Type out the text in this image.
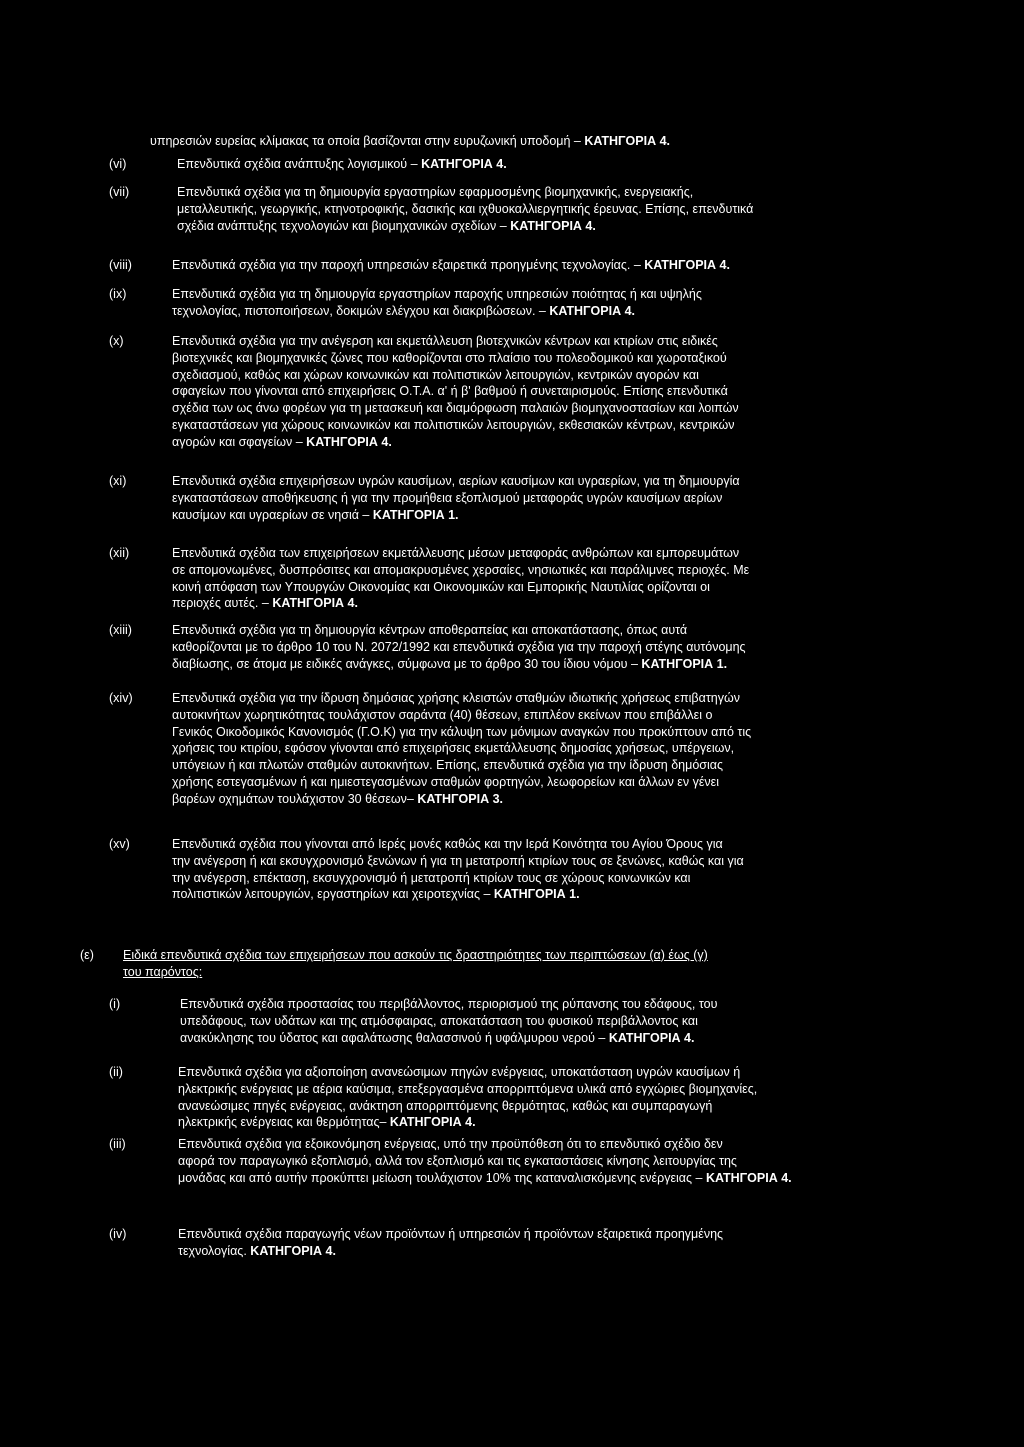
υπηρεσιών ευρείας κλίμακας τα οποία βασίζονται στην ευρυζωνική υποδομή – ΚΑΤΗΓΟΡΙΑ 4.
(vi)	Επενδυτικά σχέδια ανάπτυξης λογισμικού – ΚΑΤΗΓΟΡΙΑ 4.
(vii)	Επενδυτικά σχέδια για τη δημιουργία εργαστηρίων εφαρμοσμένης βιομηχανικής, ενεργειακής,
μεταλλευτικής, γεωργικής, κτηνοτροφικής, δασικής και ιχθυοκαλλιεργητικής έρευνας. Επίσης, επενδυτικά
σχέδια ανάπτυξης τεχνολογιών και βιομηχανικών σχεδίων – ΚΑΤΗΓΟΡΙΑ 4.
(viii)	Επενδυτικά σχέδια για την παροχή υπηρεσιών εξαιρετικά προηγμένης τεχνολογίας. – ΚΑΤΗΓΟΡΙΑ 4.
(ix)	Επενδυτικά σχέδια για τη δημιουργία εργαστηρίων παροχής υπηρεσιών ποιότητας ή και υψηλής
τεχνολογίας, πιστοποιήσεων, δοκιμών ελέγχου και διακριβώσεων. – ΚΑΤΗΓΟΡΙΑ 4.
(x)	Επενδυτικά σχέδια για την ανέγερση και εκμετάλλευση βιοτεχνικών κέντρων και κτιρίων στις ειδικές
βιοτεχνικές και βιομηχανικές ζώνες που καθορίζονται στο πλαίσιο του πολεοδομικού και χωροταξικού
σχεδιασμού, καθώς και χώρων κοινωνικών και πολιτιστικών λειτουργιών, κεντρικών αγορών και
σφαγείων που γίνονται από επιχειρήσεις Ο.Τ.Α. α' ή β' βαθμού ή συνεταιρισμούς. Επίσης επενδυτικά
σχέδια των ως άνω φορέων για τη μετασκευή και διαμόρφωση παλαιών βιομηχανοστασίων και λοιπών
εγκαταστάσεων για χώρους κοινωνικών και πολιτιστικών λειτουργιών, εκθεσιακών κέντρων, κεντρικών
αγορών και σφαγείων – ΚΑΤΗΓΟΡΙΑ 4.
(xi)	Επενδυτικά σχέδια επιχειρήσεων υγρών καυσίμων, αερίων καυσίμων και υγραερίων, για τη δημιουργία
εγκαταστάσεων αποθήκευσης ή για την προμήθεια εξοπλισμού μεταφοράς υγρών καυσίμων αερίων
καυσίμων και υγραερίων σε νησιά – ΚΑΤΗΓΟΡΙΑ 1.
(xii)	Επενδυτικά σχέδια των επιχειρήσεων εκμετάλλευσης μέσων μεταφοράς ανθρώπων και εμπορευμάτων
σε απομονωμένες, δυσπρόσιτες και απομακρυσμένες χερσαίες, νησιωτικές και παράλιμνες περιοχές. Με
κοινή απόφαση των Υπουργών Οικονομίας και Οικονομικών και Εμπορικής Ναυτιλίας ορίζονται οι
περιοχές αυτές. – ΚΑΤΗΓΟΡΙΑ 4.
(xiii)	Επενδυτικά σχέδια για τη δημιουργία κέντρων αποθεραπείας και αποκατάστασης, όπως αυτά
καθορίζονται με το άρθρο 10 του Ν. 2072/1992 και επενδυτικά σχέδια για την παροχή στέγης αυτόνομης
διαβίωσης, σε άτομα με ειδικές ανάγκες, σύμφωνα με το άρθρο 30 του ίδιου νόμου – ΚΑΤΗΓΟΡΙΑ 1.
(xiv)	Επενδυτικά σχέδια για την ίδρυση δημόσιας χρήσης κλειστών σταθμών ιδιωτικής χρήσεως επιβατηγών
αυτοκινήτων χωρητικότητας τουλάχιστον σαράντα (40) θέσεων, επιπλέον εκείνων που επιβάλλει ο
Γενικός Οικοδομικός Κανονισμός (Γ.Ο.Κ) για την κάλυψη των μόνιμων αναγκών που προκύπτουν από τις
χρήσεις του κτιρίου, εφόσον γίνονται από επιχειρήσεις εκμετάλλευσης δημοσίας χρήσεως, υπέργειων,
υπόγειων ή και πλωτών σταθμών αυτοκινήτων. Επίσης, επενδυτικά σχέδια για την ίδρυση δημόσιας
χρήσης εστεγασμένων ή και ημιεστεγασμένων σταθμών φορτηγών, λεωφορείων και άλλων εν γένει
βαρέων οχημάτων τουλάχιστον 30 θέσεων– ΚΑΤΗΓΟΡΙΑ 3.
(xv)	Επενδυτικά σχέδια που γίνονται από Ιερές μονές καθώς και την Ιερά Κοινότητα του Αγίου Όρους για
την ανέγερση ή και εκσυγχρονισμό ξενώνων ή για τη μετατροπή κτιρίων τους σε ξενώνες, καθώς και για
την ανέγερση, επέκταση, εκσυγχρονισμό ή μετατροπή κτιρίων τους σε χώρους κοινωνικών και
πολιτιστικών λειτουργιών, εργαστηρίων και χειροτεχνίας – ΚΑΤΗΓΟΡΙΑ 1.
(ε) Ειδικά επενδυτικά σχέδια των επιχειρήσεων που ασκούν τις δραστηριότητες των περιπτώσεων (α) έως (γ)
του παρόντος:
(i)	Επενδυτικά σχέδια προστασίας του περιβάλλοντος, περιορισμού της ρύπανσης του εδάφους, του
υπεδάφους, των υδάτων και της ατμόσφαιρας, αποκατάσταση του φυσικού περιβάλλοντος και
ανακύκλησης του ύδατος και αφαλάτωσης θαλασσινού ή υφάλμυρου νερού – ΚΑΤΗΓΟΡΙΑ 4.
(ii)	Επενδυτικά σχέδια για αξιοποίηση ανανεώσιμων πηγών ενέργειας, υποκατάσταση υγρών καυσίμων ή
ηλεκτρικής ενέργειας με αέρια καύσιμα, επεξεργασμένα απορριπτόμενα υλικά από εγχώριες βιομηχανίες,
ανανεώσιμες πηγές ενέργειας, ανάκτηση απορριπτόμενης θερμότητας, καθώς και συμπαραγωγή
ηλεκτρικής ενέργειας και θερμότητας– ΚΑΤΗΓΟΡΙΑ 4.
(iii)	Επενδυτικά σχέδια για εξοικονόμηση ενέργειας, υπό την προϋπόθεση ότι το επενδυτικό σχέδιο δεν
αφορά τον παραγωγικό εξοπλισμό, αλλά τον εξοπλισμό και τις εγκαταστάσεις κίνησης λειτουργίας της
μονάδας και από αυτήν προκύπτει μείωση τουλάχιστον 10% της καταναλισκόμενης ενέργειας – ΚΑΤΗΓΟΡΙΑ 4.
(iv)	Επενδυτικά σχέδια παραγωγής νέων προϊόντων ή υπηρεσιών ή προϊόντων εξαιρετικά προηγμένης
τεχνολογίας. ΚΑΤΗΓΟΡΙΑ 4.
